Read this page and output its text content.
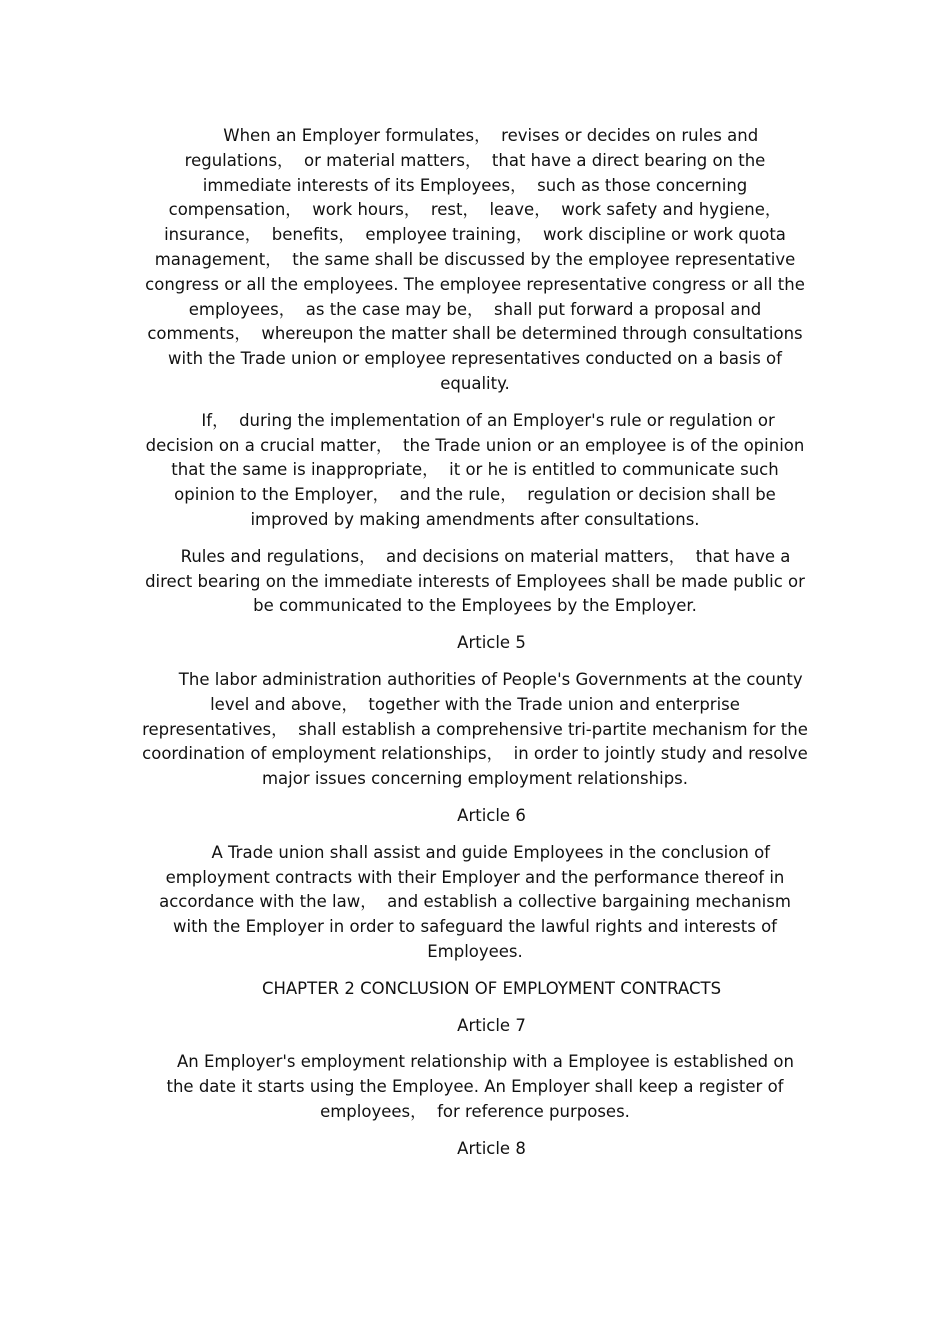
When an Employer formulates，  revises or decides on rules and regulations，  or material matters，  that have a direct bearing on the immediate interests of its Employees，  such as those concerning compensation，  work hours，  rest，  leave，  work safety and hygiene，  insurance，  benefits，  employee training，  work discipline or work quota management，  the same shall be discussed by the employee representative congress or all the employees. The employee representative congress or all the employees，  as the case may be，  shall put forward a proposal and comments，  whereupon the matter shall be determined through consultations with the Trade union or employee representatives conducted on a basis of equality.

If，  during the implementation of an Employer's rule or regulation or decision on a crucial matter，  the Trade union or an employee is of the opinion that the same is inappropriate，  it or he is entitled to communicate such opinion to the Employer，  and the rule，  regulation or decision shall be improved by making amendments after consultations.

Rules and regulations，  and decisions on material matters，  that have a direct bearing on the immediate interests of Employees shall be made public or be communicated to the Employees by the Employer.

Article 5

The labor administration authorities of People's Governments at the county level and above，  together with the Trade union and enterprise representatives，  shall establish a comprehensive tri-partite mechanism for the coordination of employment relationships，  in order to jointly study and resolve major issues concerning employment relationships.

Article 6

A Trade union shall assist and guide Employees in the conclusion of employment contracts with their Employer and the performance thereof in accordance with the law，  and establish a collective bargaining mechanism with the Employer in order to safeguard the lawful rights and interests of Employees.

CHAPTER 2 CONCLUSION OF EMPLOYMENT CONTRACTS

Article 7

An Employer's employment relationship with a Employee is established on the date it starts using the Employee. An Employer shall keep a register of employees，  for reference purposes.

Article 8
